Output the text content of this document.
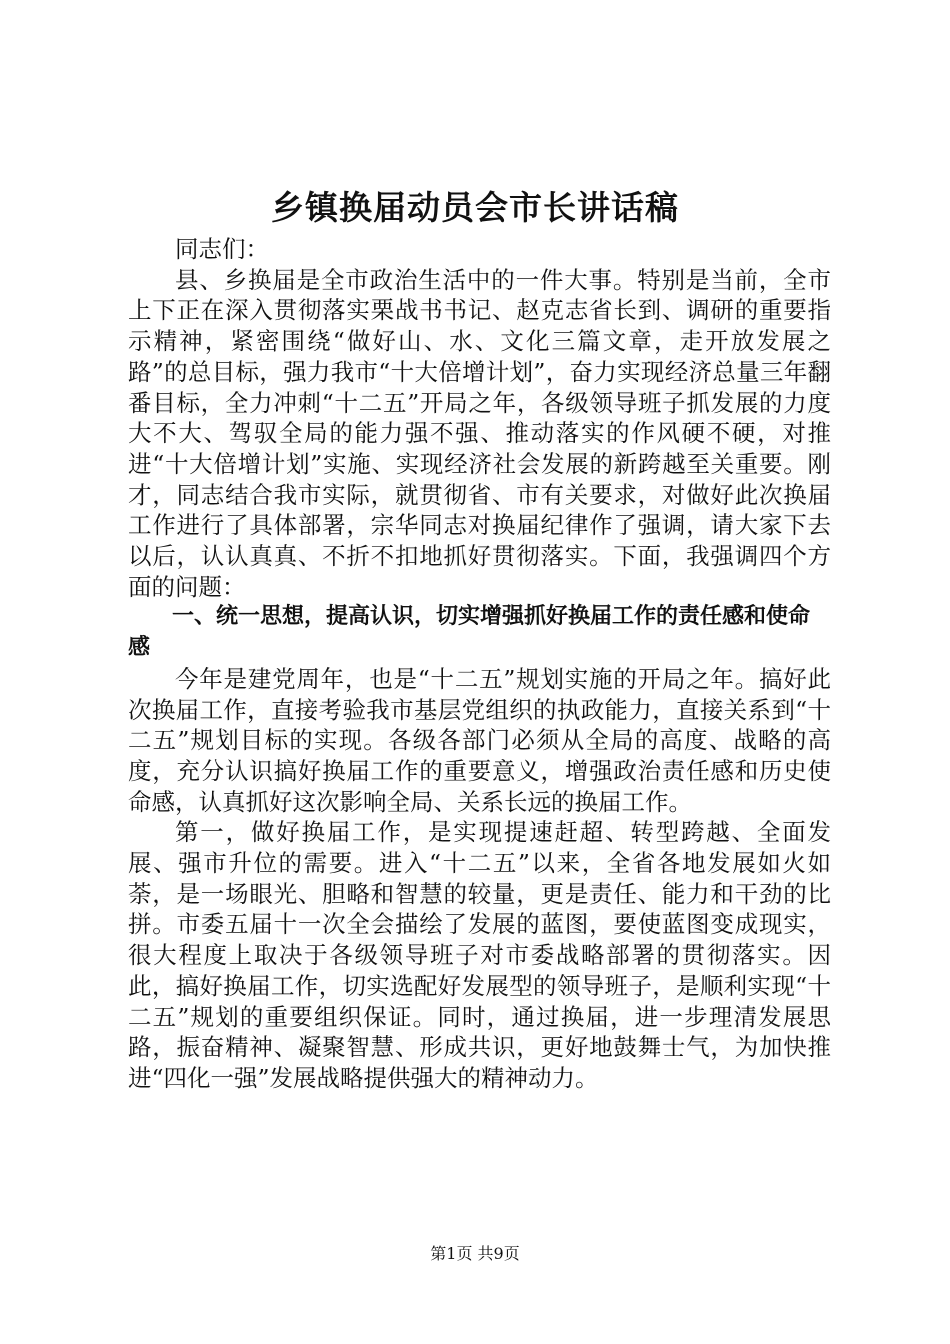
乡镇换届动员会市长讲话稿

同志们：

县、乡换届是全市政治生活中的一件大事。特别是当前，全市上下正在深入贯彻落实栗战书书记、赵克志省长到、调研的重要指示精神，紧密围绕“做好山、水、文化三篇文章，走开放发展之路”的总目标，强力我市“十大倍增计划”，奋力实现经济总量三年翻番目标，全力冲刺“十二五”开局之年，各级领导班子抓发展的力度大不大、驾驭全局的能力强不强、推动落实的作风硬不硬，对推进“十大倍增计划”实施、实现经济社会发展的新跨越至关重要。刚才，同志结合我市实际，就贯彻省、市有关要求，对做好此次换届工作进行了具体部署，宗华同志对换届纪律作了强调，请大家下去以后，认认真真、不折不扣地抓好贯彻落实。下面，我强调四个方面的问题：

一、统一思想，提高认识，切实增强抓好换届工作的责任感和使命感

今年是建党周年，也是“十二五”规划实施的开局之年。搞好此次换届工作，直接考验我市基层党组织的执政能力，直接关系到“十二五”规划目标的实现。各级各部门必须从全局的高度、战略的高度，充分认识搞好换届工作的重要意义，增强政治责任感和历史使命感，认真抓好这次影响全局、关系长远的换届工作。

第一，做好换届工作，是实现提速赶超、转型跨越、全面发展、强市升位的需要。进入“十二五”以来，全省各地发展如火如荼，是一场眼光、胆略和智慧的较量，更是责任、能力和干劲的比拼。市委五届十一次全会描绘了发展的蓝图，要使蓝图变成现实，很大程度上取决于各级领导班子对市委战略部署的贯彻落实。因此，搞好换届工作，切实选配好发展型的领导班子，是顺利实现“十二五”规划的重要组织保证。同时，通过换届，进一步理清发展思路，振奋精神、凝聚智慧、形成共识，更好地鼓舞士气，为加快推进“四化一强”发展战略提供强大的精神动力。

第1页 共9页
